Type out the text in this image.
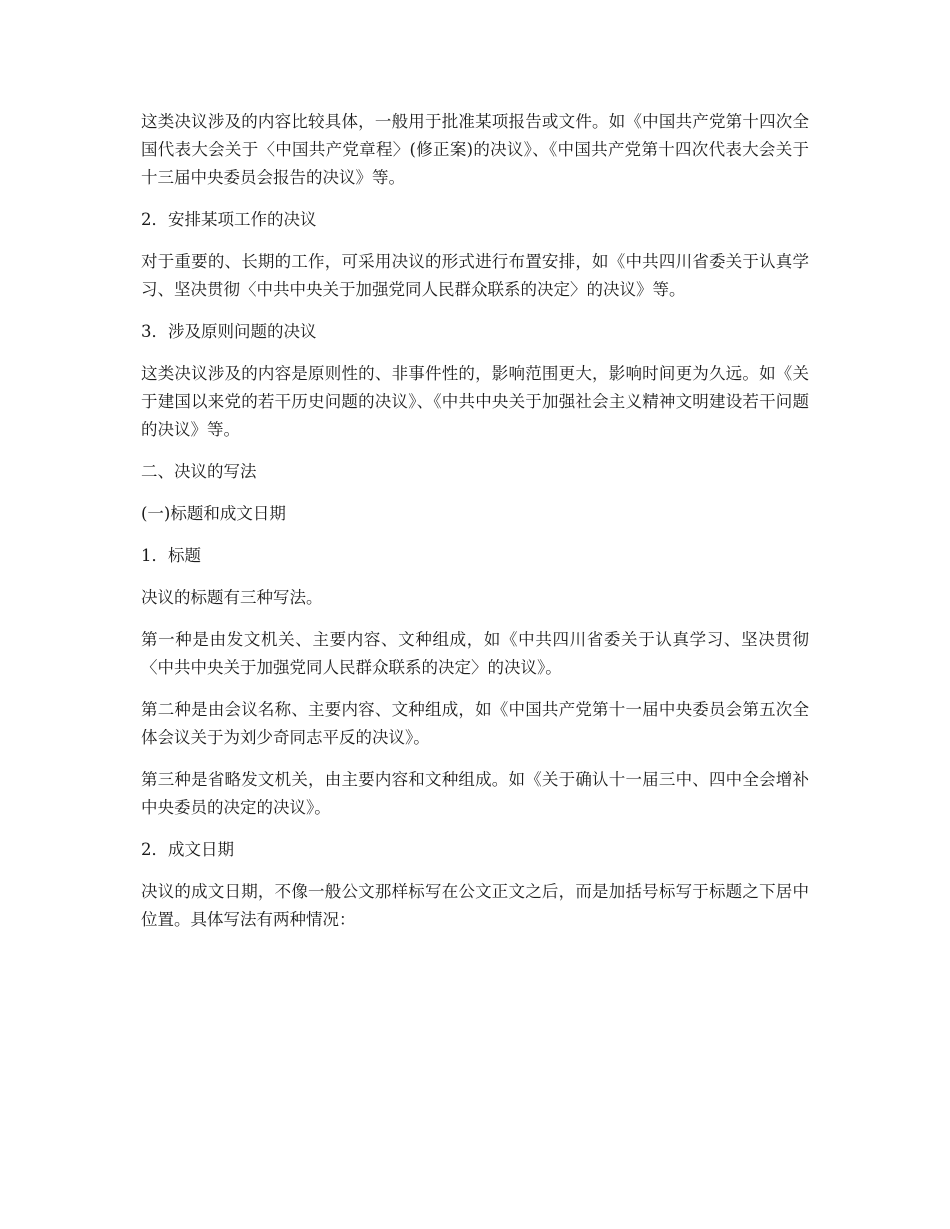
这类决议涉及的内容比较具体，一般用于批准某项报告或文件。如《中国共产党第十四次全国代表大会关于〈中国共产党章程〉(修正案)的决议》、《中国共产党第十四次代表大会关于十三届中央委员会报告的决议》等。

2．安排某项工作的决议

对于重要的、长期的工作，可采用决议的形式进行布置安排，如《中共四川省委关于认真学习、坚决贯彻〈中共中央关于加强党同人民群众联系的决定〉的决议》等。

3．涉及原则问题的决议

这类决议涉及的内容是原则性的、非事件性的，影响范围更大，影响时间更为久远。如《关于建国以来党的若干历史问题的决议》、《中共中央关于加强社会主义精神文明建设若干问题的决议》等。

二、决议的写法

(一)标题和成文日期

1．标题

决议的标题有三种写法。

第一种是由发文机关、主要内容、文种组成，如《中共四川省委关于认真学习、坚决贯彻〈中共中央关于加强党同人民群众联系的决定〉的决议》。

第二种是由会议名称、主要内容、文种组成，如《中国共产党第十一届中央委员会第五次全体会议关于为刘少奇同志平反的决议》。

第三种是省略发文机关，由主要内容和文种组成。如《关于确认十一届三中、四中全会增补中央委员的决定的决议》。

2．成文日期

决议的成文日期，不像一般公文那样标写在公文正文之后，而是加括号标写于标题之下居中位置。具体写法有两种情况：
